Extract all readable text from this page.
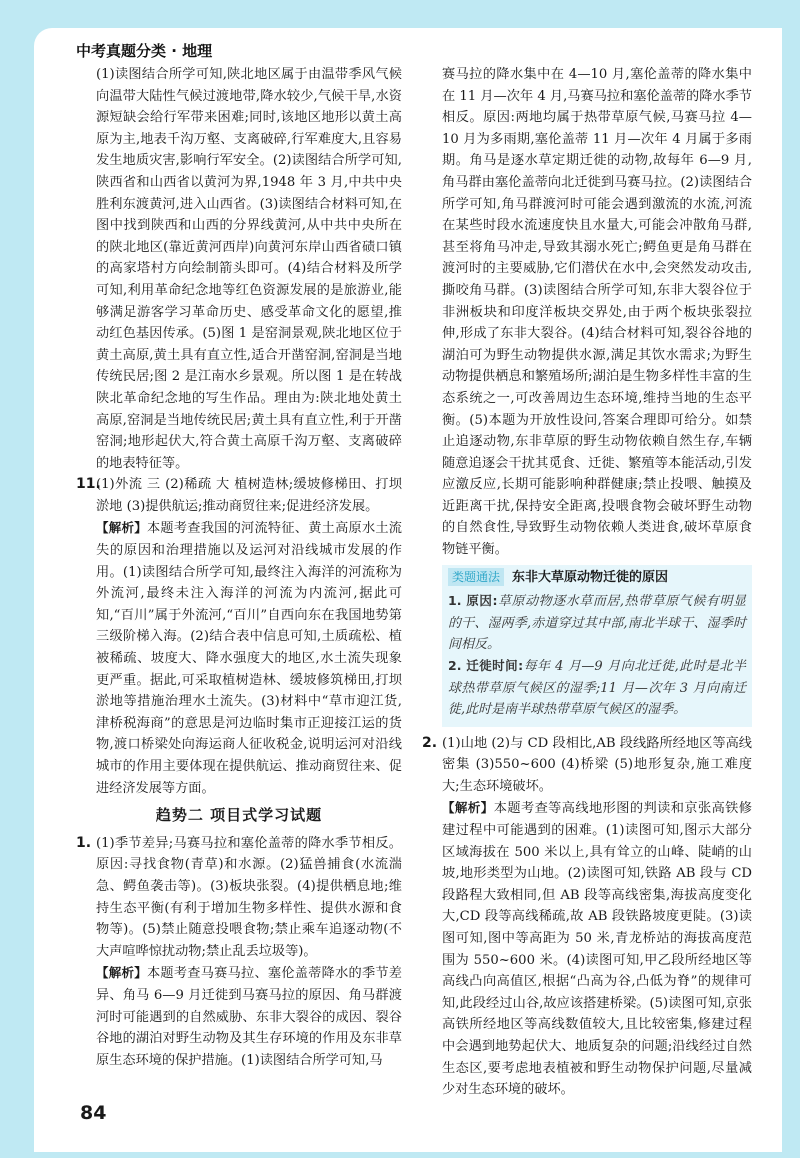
中考真题分类 · 地理

(1)读图结合所学可知,陕北地区属于由温带季风气候向温带大陆性气候过渡地带,降水较少,气候干旱,水资源短缺会给行军带来困难;同时,该地区地形以黄土高原为主,地表千沟万壑、支离破碎,行军难度大,且容易发生地质灾害,影响行军安全。(2)读图结合所学可知,陕西省和山西省以黄河为界,1948 年 3 月,中共中央胜利东渡黄河,进入山西省。(3)读图结合材料可知,在图中找到陕西和山西的分界线黄河,从中共中央所在的陕北地区(靠近黄河西岸)向黄河东岸山西省碛口镇的高家塔村方向绘制箭头即可。(4)结合材料及所学可知,利用革命纪念地等红色资源发展的是旅游业,能够满足游客学习革命历史、感受革命文化的愿望,推动红色基因传承。(5)图 1 是窑洞景观,陕北地区位于黄土高原,黄土具有直立性,适合开凿窑洞,窑洞是当地传统民居;图 2 是江南水乡景观。所以图 1 是在转战陕北革命纪念地的写生作品。理由为:陕北地处黄土高原,窑洞是当地传统民居;黄土具有直立性,利于开凿窑洞;地形起伏大,符合黄土高原千沟万壑、支离破碎的地表特征等。

11.

(1)外流 三 (2)稀疏 大 植树造林;缓坡修梯田、打坝淤地 (3)提供航运;推动商贸往来;促进经济发展。

【解析】本题考查我国的河流特征、黄土高原水土流失的原因和治理措施以及运河对沿线城市发展的作用。(1)读图结合所学可知,最终注入海洋的河流称为外流河,最终未注入海洋的河流为内流河,据此可知,“百川”属于外流河,“百川”自西向东在我国地势第三级阶梯入海。(2)结合表中信息可知,土质疏松、植被稀疏、坡度大、降水强度大的地区,水土流失现象更严重。据此,可采取植树造林、缓坡修筑梯田,打坝淤地等措施治理水土流失。(3)材料中“草市迎江货,津桥税海商”的意思是河边临时集市正迎接江运的货物,渡口桥梁处向海运商人征收税金,说明运河对沿线城市的作用主要体现在提供航运、推动商贸往来、促进经济发展等方面。

趋势二 项目式学习试题
1. (1)季节差异;马赛马拉和塞伦盖蒂的降水季节相反。原因:寻找食物(青草)和水源。(2)猛兽捕食(水流湍急、鳄鱼袭击等)。(3)板块张裂。(4)提供栖息地;维持生态平衡(有利于增加生物多样性、提供水源和食物等)。(5)禁止随意投喂食物;禁止乘车追逐动物(不大声喧哗惊扰动物;禁止乱丢垃圾等)。

【解析】本题考查马赛马拉、塞伦盖蒂降水的季节差异、角马 6—9 月迁徙到马赛马拉的原因、角马群渡河时可能遇到的自然威胁、东非大裂谷的成因、裂谷谷地的湖泊对野生动物及其生存环境的作用及东非草原生态环境的保护措施。(1)读图结合所学可知,马

赛马拉的降水集中在 4—10 月,塞伦盖蒂的降水集中在 11 月—次年 4 月,马赛马拉和塞伦盖蒂的降水季节相反。原因:两地均属于热带草原气候,马赛马拉 4—10 月为多雨期,塞伦盖蒂 11 月—次年 4 月属于多雨期。角马是逐水草定期迁徙的动物,故每年 6—9 月,角马群由塞伦盖蒂向北迁徙到马赛马拉。(2)读图结合所学可知,角马群渡河时可能会遇到激流的水流,河流在某些时段水流速度快且水量大,可能会冲散角马群,甚至将角马冲走,导致其溺水死亡;鳄鱼更是角马群在渡河时的主要威胁,它们潜伏在水中,会突然发动攻击,撕咬角马群。(3)读图结合所学可知,东非大裂谷位于非洲板块和印度洋板块交界处,由于两个板块张裂拉伸,形成了东非大裂谷。(4)结合材料可知,裂谷谷地的湖泊可为野生动物提供水源,满足其饮水需求;为野生动物提供栖息和繁殖场所;湖泊是生物多样性丰富的生态系统之一,可改善周边生态环境,维持当地的生态平衡。(5)本题为开放性设问,答案合理即可给分。如禁止追逐动物,东非草原的野生动物依赖自然生存,车辆随意追逐会干扰其觅食、迁徙、繁殖等本能活动,引发应激反应,长期可能影响种群健康;禁止投喂、触摸及近距离干扰,保持安全距离,投喂食物会破坏野生动物的自然食性,导致野生动物依赖人类进食,破坏草原食物链平衡。

类题通法 东非大草原动物迁徙的原因

1. 原因:草原动物逐水草而居,热带草原气候有明显的干、湿两季,赤道穿过其中部,南北半球干、湿季时间相反。

2. 迁徙时间:每年 4 月—9 月向北迁徙,此时是北半球热带草原气候区的湿季;11 月—次年 3 月向南迁徙,此时是南半球热带草原气候区的湿季。

2. (1)山地 (2)与 CD 段相比,AB 段线路所经地区等高线密集 (3)550~600 (4)桥梁 (5)地形复杂,施工难度大;生态环境破坏。

【解析】本题考查等高线地形图的判读和京张高铁修建过程中可能遇到的困难。(1)读图可知,图示大部分区域海拔在 500 米以上,具有耸立的山峰、陡峭的山坡,地形类型为山地。(2)读图可知,铁路 AB 段与 CD 段路程大致相同,但 AB 段等高线密集,海拔高度变化大,CD 段等高线稀疏,故 AB 段铁路坡度更陡。(3)读图可知,图中等高距为 50 米,青龙桥站的海拔高度范围为 550~600 米。(4)读图可知,甲乙段所经地区等高线凸向高值区,根据“凸高为谷,凸低为脊”的规律可知,此段经过山谷,故应该搭建桥梁。(5)读图可知,京张高铁所经地区等高线数值较大,且比较密集,修建过程中会遇到地势起伏大、地质复杂的问题;沿线经过自然生态区,要考虑地表植被和野生动物保护问题,尽量减少对生态环境的破坏。

84
